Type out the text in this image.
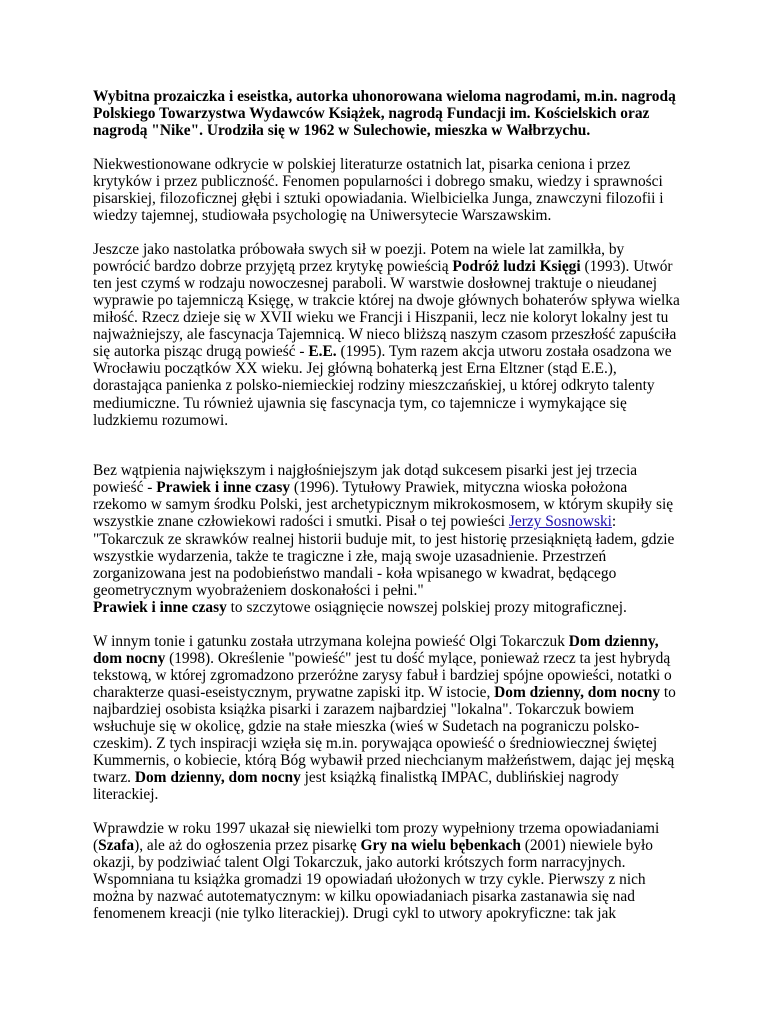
Wybitna prozaiczka i eseistka, autorka uhonorowana wieloma nagrodami, m.in. nagrodą Polskiego Towarzystwa Wydawców Książek, nagrodą Fundacji im. Kościelskich oraz nagrodą "Nike". Urodziła się w 1962 w Sulechowie, mieszka w Wałbrzychu.

Niekwestionowane odkrycie w polskiej literaturze ostatnich lat, pisarka ceniona i przez krytyków i przez publiczność. Fenomen popularności i dobrego smaku, wiedzy i sprawności pisarskiej, filozoficznej głębi i sztuki opowiadania. Wielbicielka Junga, znawczyni filozofii i wiedzy tajemnej, studiowała psychologię na Uniwersytecie Warszawskim.

Jeszcze jako nastolatka próbowała swych sił w poezji. Potem na wiele lat zamilkła, by powrócić bardzo dobrze przyjętą przez krytykę powieścią Podróż ludzi Księgi (1993). Utwór ten jest czymś w rodzaju nowoczesnej paraboli. W warstwie dosłownej traktuje o nieudanej wyprawie po tajemniczą Księgę, w trakcie której na dwoje głównych bohaterów spływa wielka miłość. Rzecz dzieje się w XVII wieku we Francji i Hiszpanii, lecz nie koloryt lokalny jest tu najważniejszy, ale fascynacja Tajemnicą. W nieco bliższą naszym czasom przeszłość zapuściła się autorka pisząc drugą powieść - E.E. (1995). Tym razem akcja utworu została osadzona we Wrocławiu początków XX wieku. Jej główną bohaterką jest Erna Eltzner (stąd E.E.), dorastająca panienka z polsko-niemieckiej rodziny mieszczańskiej, u której odkryto talenty mediumiczne. Tu również ujawnia się fascynacja tym, co tajemnicze i wymykające się ludzkiemu rozumowi.

Bez wątpienia największym i najgłośniejszym jak dotąd sukcesem pisarki jest jej trzecia powieść - Prawiek i inne czasy (1996). Tytułowy Prawiek, mityczna wioska położona rzekomo w samym środku Polski, jest archetypicznym mikrokosmosem, w którym skupiły się wszystkie znane człowiekowi radości i smutki. Pisał o tej powieści Jerzy Sosnowski: "Tokarczuk ze skrawków realnej historii buduje mit, to jest historię przesiąkniętą ładem, gdzie wszystkie wydarzenia, także te tragiczne i złe, mają swoje uzasadnienie. Przestrzeń zorganizowana jest na podobieństwo mandali - koła wpisanego w kwadrat, będącego geometrycznym wyobrażeniem doskonałości i pełni."
Prawiek i inne czasy to szczytowe osiągnięcie nowszej polskiej prozy mitograficznej.

W innym tonie i gatunku została utrzymana kolejna powieść Olgi Tokarczuk Dom dzienny, dom nocny (1998). Określenie "powieść" jest tu dość mylące, ponieważ rzecz ta jest hybrydą tekstową, w której zgromadzono przeróżne zarysy fabuł i bardziej spójne opowieści, notatki o charakterze quasi-eseistycznym, prywatne zapiski itp. W istocie, Dom dzienny, dom nocny to najbardziej osobista książka pisarki i zarazem najbardziej "lokalna". Tokarczuk bowiem wsłuchuje się w okolicę, gdzie na stałe mieszka (wieś w Sudetach na pograniczu polsko-czeskim). Z tych inspiracji wzięła się m.in. porywająca opowieść o średniowiecznej świętej Kummernis, o kobiecie, którą Bóg wybawił przed niechcianym małżeństwem, dając jej męską twarz. Dom dzienny, dom nocny jest książką finalistką IMPAC, dublińskiej nagrody literackiej.

Wprawdzie w roku 1997 ukazał się niewielki tom prozy wypełniony trzema opowiadaniami (Szafa), ale aż do ogłoszenia przez pisarkę Gry na wielu bębenkach (2001) niewiele było okazji, by podziwiać talent Olgi Tokarczuk, jako autorki krótszych form narracyjnych. Wspomniana tu książka gromadzi 19 opowiadań ułożonych w trzy cykle. Pierwszy z nich można by nazwać autotematycznym: w kilku opowiadaniach pisarka zastanawia się nad fenomenem kreacji (nie tylko literackiej). Drugi cykl to utwory apokryficzne: tak jak
